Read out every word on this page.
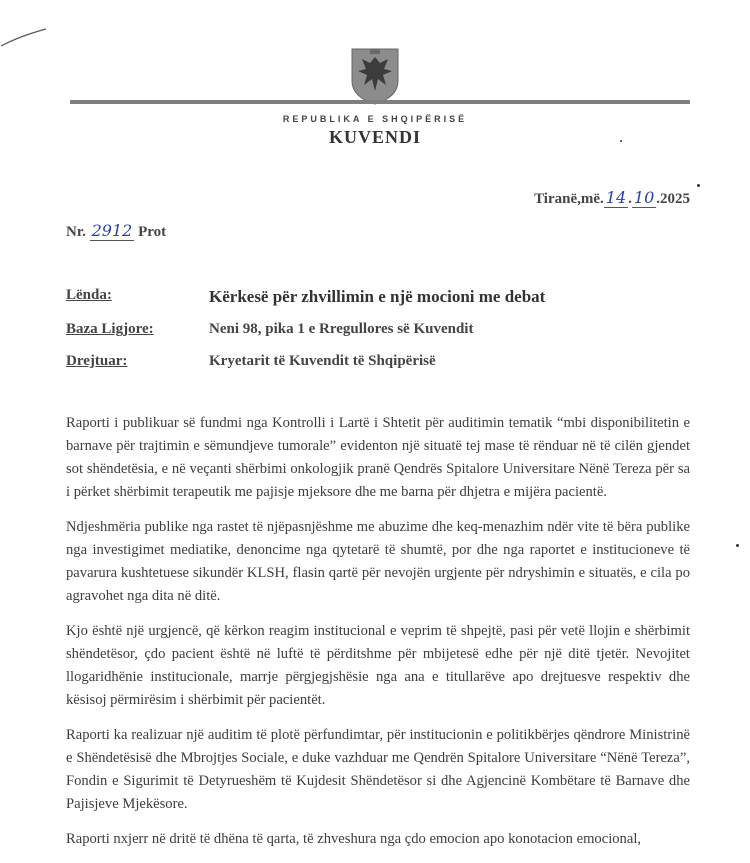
REPUBLIKA E SHQIPËRISË
KUVENDI
Tiranë,më. 14 . 10 .2025
Nr. 2912 Prot
Lënda:	Kërkesë për zhvillimin e një mocioni me debat
Baza Ligjore:	Neni 98, pika 1 e Rregullores së Kuvendit
Drejtuar:	Kryetarit të Kuvendit të Shqipërisë

Raporti i publikuar së fundmi nga Kontrolli i Lartë i Shtetit për auditimin tematik “mbi disponibilitetin e barnave për trajtimin e sëmundjeve tumorale” evidenton një situatë tej mase të rënduar në të cilën gjendet sot shëndetësia, e në veçanti shërbimi onkologjik pranë Qendrës Spitalore Universitare Nënë Tereza për sa i përket shërbimit terapeutik me pajisje mjeksore dhe me barna për dhjetra e mijëra pacientë.

Ndjeshmëria publike nga rastet të njëpasnjëshme me abuzime dhe keq-menazhim ndër vite të bëra publike nga investigimet mediatike, denoncime nga qytetarë të shumtë, por dhe nga raportet e institucioneve të pavarura kushtetuese sikundër KLSH, flasin qartë për nevojën urgjente për ndryshimin e situatës, e cila po agravohet nga dita në ditë.

Kjo është një urgjencë, që kërkon reagim institucional e veprim të shpejtë, pasi për vetë llojin e shërbimit shëndetësor, çdo pacient është në luftë të përditshme për mbijetesë edhe për një ditë tjetër. Nevojitet llogaridhënie institucionale, marrje përgjegjshësie nga ana e titullarëve apo drejtuesve respektiv dhe kësisoj përmirësim i shërbimit për pacientët.

Raporti ka realizuar një auditim të plotë përfundimtar, për institucionin e politikbërjes qëndrore Ministrinë e Shëndetësisë dhe Mbrojtjes Sociale, e duke vazhduar me Qendrën Spitalore Universitare “Nënë Tereza”, Fondin e Sigurimit të Detyrueshëm të Kujdesit Shëndetësor si dhe Agjencinë Kombëtare të Barnave dhe Pajisjeve Mjekësore.

Raporti nxjerr në dritë të dhëna të qarta, të zhveshura nga çdo emocion apo konotacion emocional,
